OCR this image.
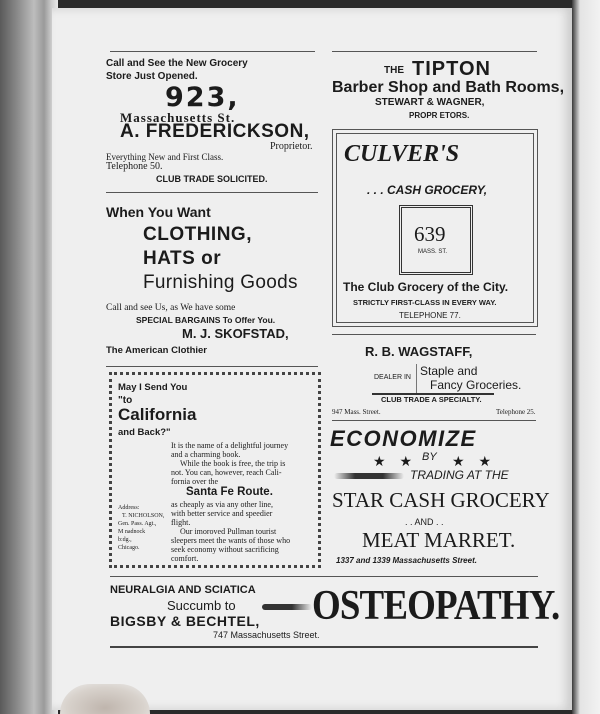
Call and See the New Grocery
Store Just Opened.
923,
Massachusetts St.
A. FREDERICKSON,
Proprietor.
Everything New and First Class.
Telephone 50.
CLUB TRADE SOLICITED.
THE TIPTON
Barber Shop and Bath Rooms,
STEWART & WAGNER,
PROPR ETORS.
CULVER'S
. . . CASH GROCERY,
639
MASS. ST.
The Club Grocery of the City.
STRICTLY FIRST-CLASS IN EVERY WAY.
TELEPHONE 77.
When You Want
CLOTHING,
HATS or
Furnishing Goods
Call and see Us, as We have some
SPECIAL BARGAINS To Offer You.
M. J. SKOFSTAD,
The American Clothier	R. B. WAGSTAFF,
DEALER IN Staple and
Fancy Groceries.
CLUB TRADE A SPECIALTY.
947 Mass. Street.	Telephone 25.
May I Send You
"to
California
and Back?"
It is the name of a delightful journey
and a charming book.
While the book is free, the trip is
not. You can, however, reach Cali-
fornia over the
Santa Fe Route.
as cheaply as via any other line,
with better service and speedier
flight.
Our imoroved Pullman tourist
sleepers meet the wants of those who
seek economy without sacrificing
comfort.
Address:
T. NICHOLSON,
Gen. Pass. Agt.,
M nadnock
b:dg.,
Chicago.
ECONOMIZE
★★
BY ★★
TRADING AT THE
STAR CASH GROCERY
. . AND . .
MEAT MARRET.
1337 and 1339 Massachusetts Street.
NEURALGIA AND SCIATICA
Succumb to
BIGSBY & BECHTEL,
747 Massachusetts Street.
OSTEOPATHY.
